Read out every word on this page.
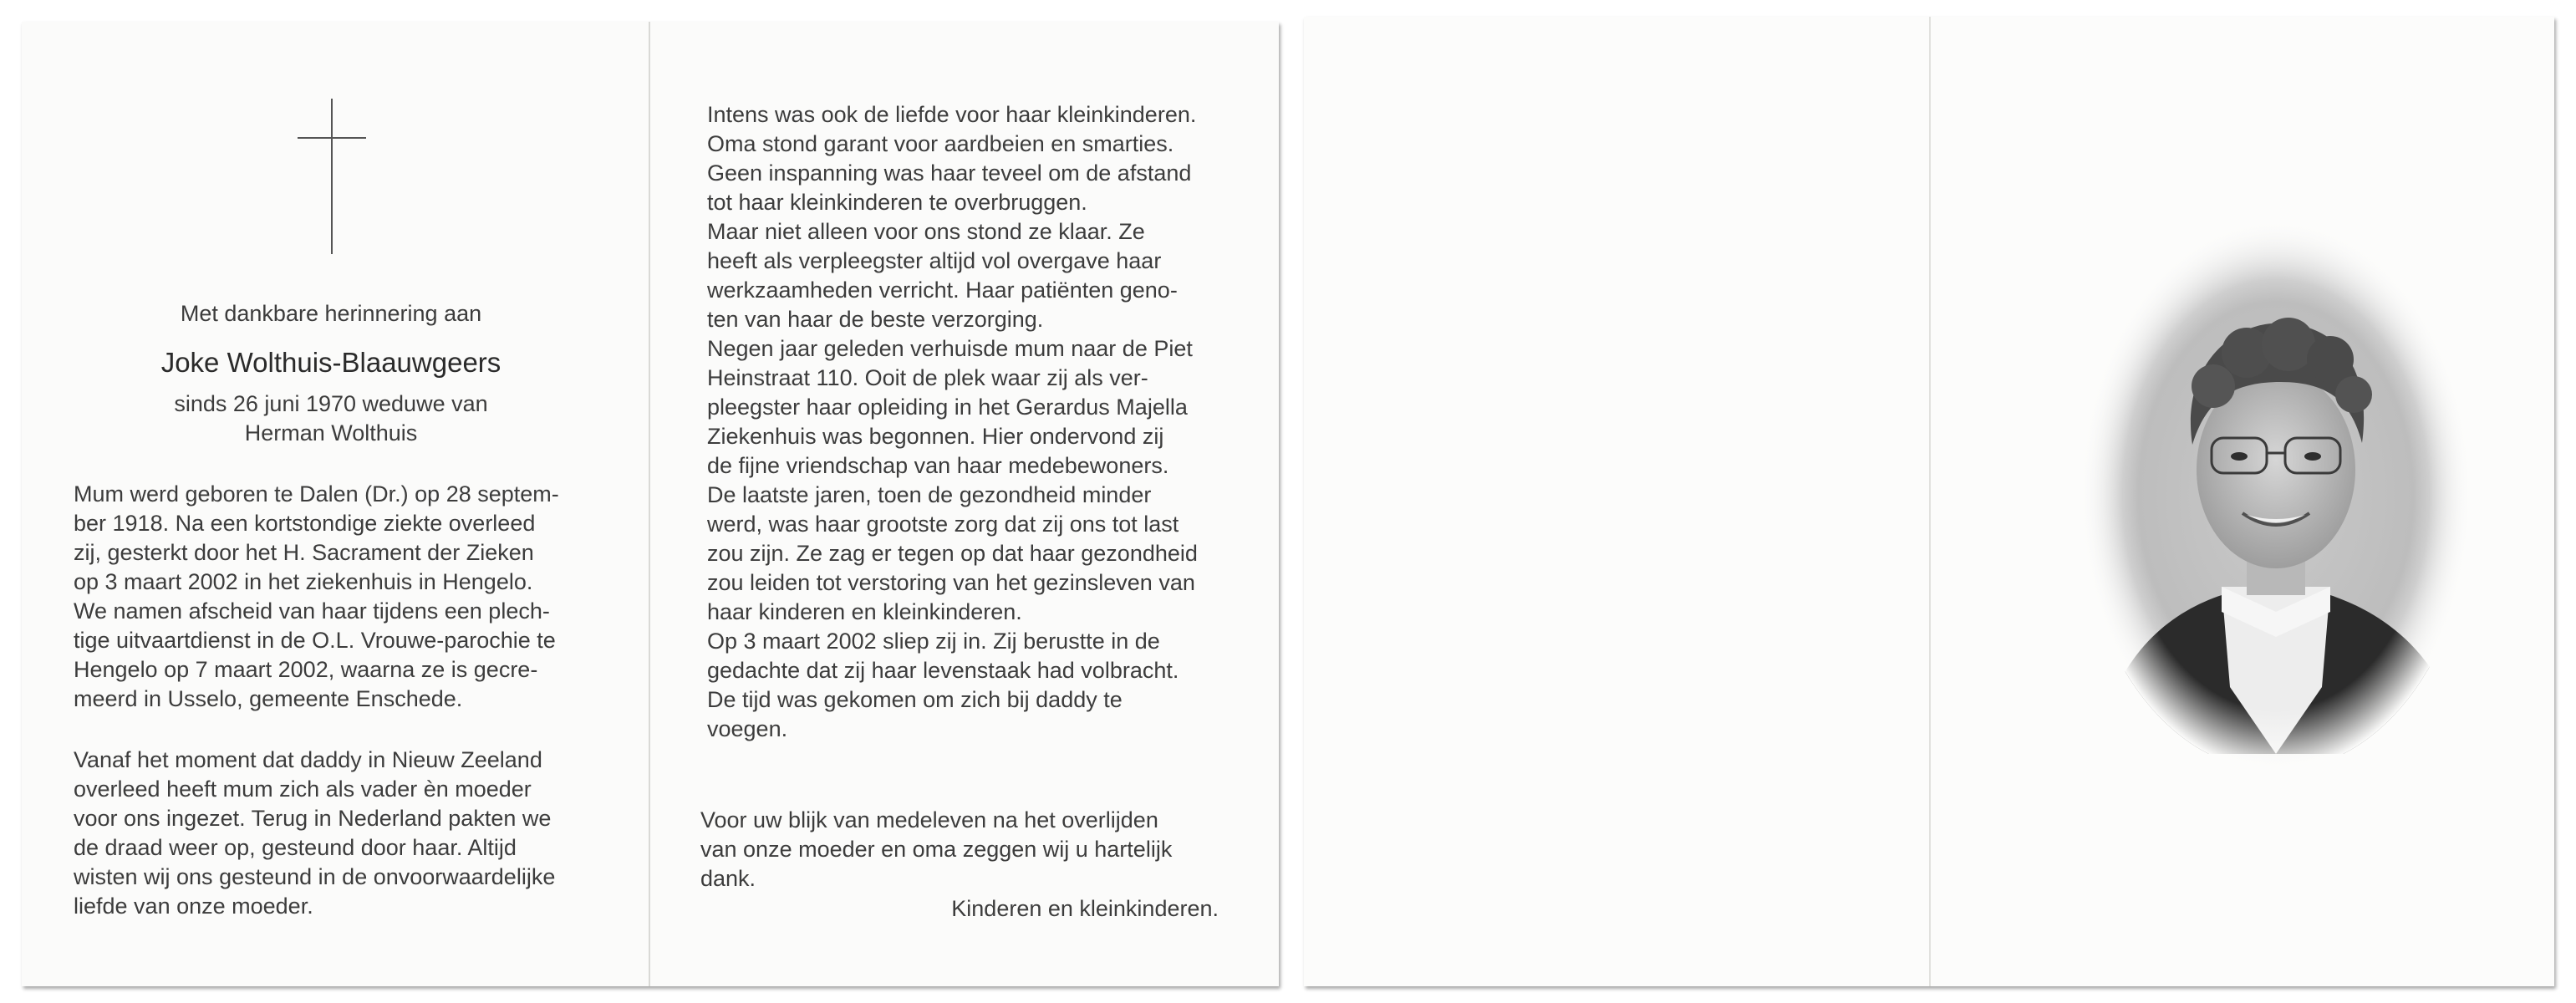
Met dankbare herinnering aan
Joke Wolthuis-Blaauwgeers
sinds 26 juni 1970 weduwe van
Herman Wolthuis

Mum werd geboren te Dalen (Dr.) op 28 septem-

ber 1918. Na een kortstondige ziekte overleed

zij, gesterkt door het H. Sacrament der Zieken

op 3 maart 2002 in het ziekenhuis in Hengelo.

We namen afscheid van haar tijdens een plech-

tige uitvaartdienst in de O.L. Vrouwe-parochie te

Hengelo op 7 maart 2002, waarna ze is gecre-

meerd in Usselo, gemeente Enschede.

Vanaf het moment dat daddy in Nieuw Zeeland

overleed heeft mum zich als vader èn moeder

voor ons ingezet. Terug in Nederland pakten we

de draad weer op, gesteund door haar. Altijd

wisten wij ons gesteund in de onvoorwaardelijke

liefde van onze moeder.

Intens was ook de liefde voor haar kleinkinderen.

Oma stond garant voor aardbeien en smarties.

Geen inspanning was haar teveel om de afstand

tot haar kleinkinderen te overbruggen.

Maar niet alleen voor ons stond ze klaar. Ze

heeft als verpleegster altijd vol overgave haar

werkzaamheden verricht. Haar patiënten geno-

ten van haar de beste verzorging.

Negen jaar geleden verhuisde mum naar de Piet

Heinstraat 110. Ooit de plek waar zij als ver-

pleegster haar opleiding in het Gerardus Majella

Ziekenhuis was begonnen. Hier ondervond zij

de fijne vriendschap van haar medebewoners.

De laatste jaren, toen de gezondheid minder

werd, was haar grootste zorg dat zij ons tot last

zou zijn. Ze zag er tegen op dat haar gezondheid

zou leiden tot verstoring van het gezinsleven van

haar kinderen en kleinkinderen.

Op 3 maart 2002 sliep zij in. Zij berustte in de

gedachte dat zij haar levenstaak had volbracht.

De tijd was gekomen om zich bij daddy te

voegen.

Voor uw blijk van medeleven na het overlijden

van onze moeder en oma zeggen wij u hartelijk

dank.

Kinderen en kleinkinderen.
